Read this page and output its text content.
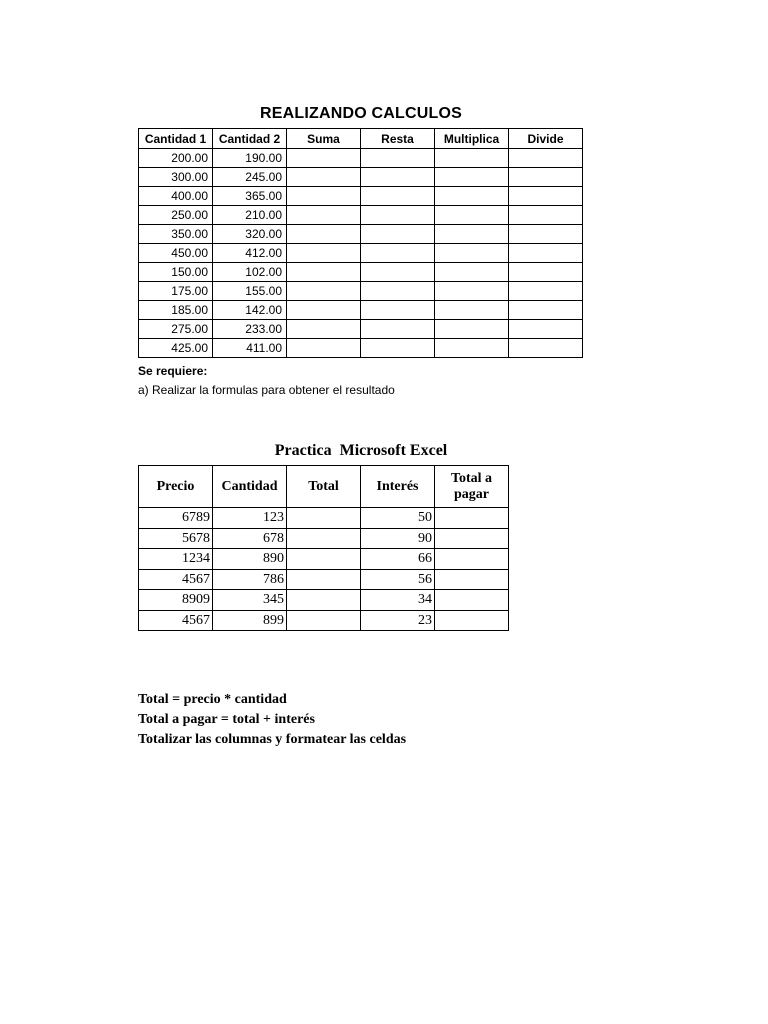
REALIZANDO CALCULOS
Cantidad 1	Cantidad 2	Suma	Resta	Multiplica	Divide
200.00	190.00				
300.00	245.00				
400.00	365.00				
250.00	210.00				
350.00	320.00				
450.00	412.00				
150.00	102.00				
175.00	155.00				
185.00	142.00				
275.00	233.00				
425.00	411.00				
Se requiere:
a) Realizar la formulas para obtener el resultado
Practica  Microsoft Excel
Precio	Cantidad	Total	Interés	Total a pagar
6789	123		50	
5678	678		90	
1234	890		66	
4567	786		56	
8909	345		34	
4567	899		23	
Total = precio * cantidad
Total a pagar = total + interés
Totalizar las columnas y formatear las celdas
